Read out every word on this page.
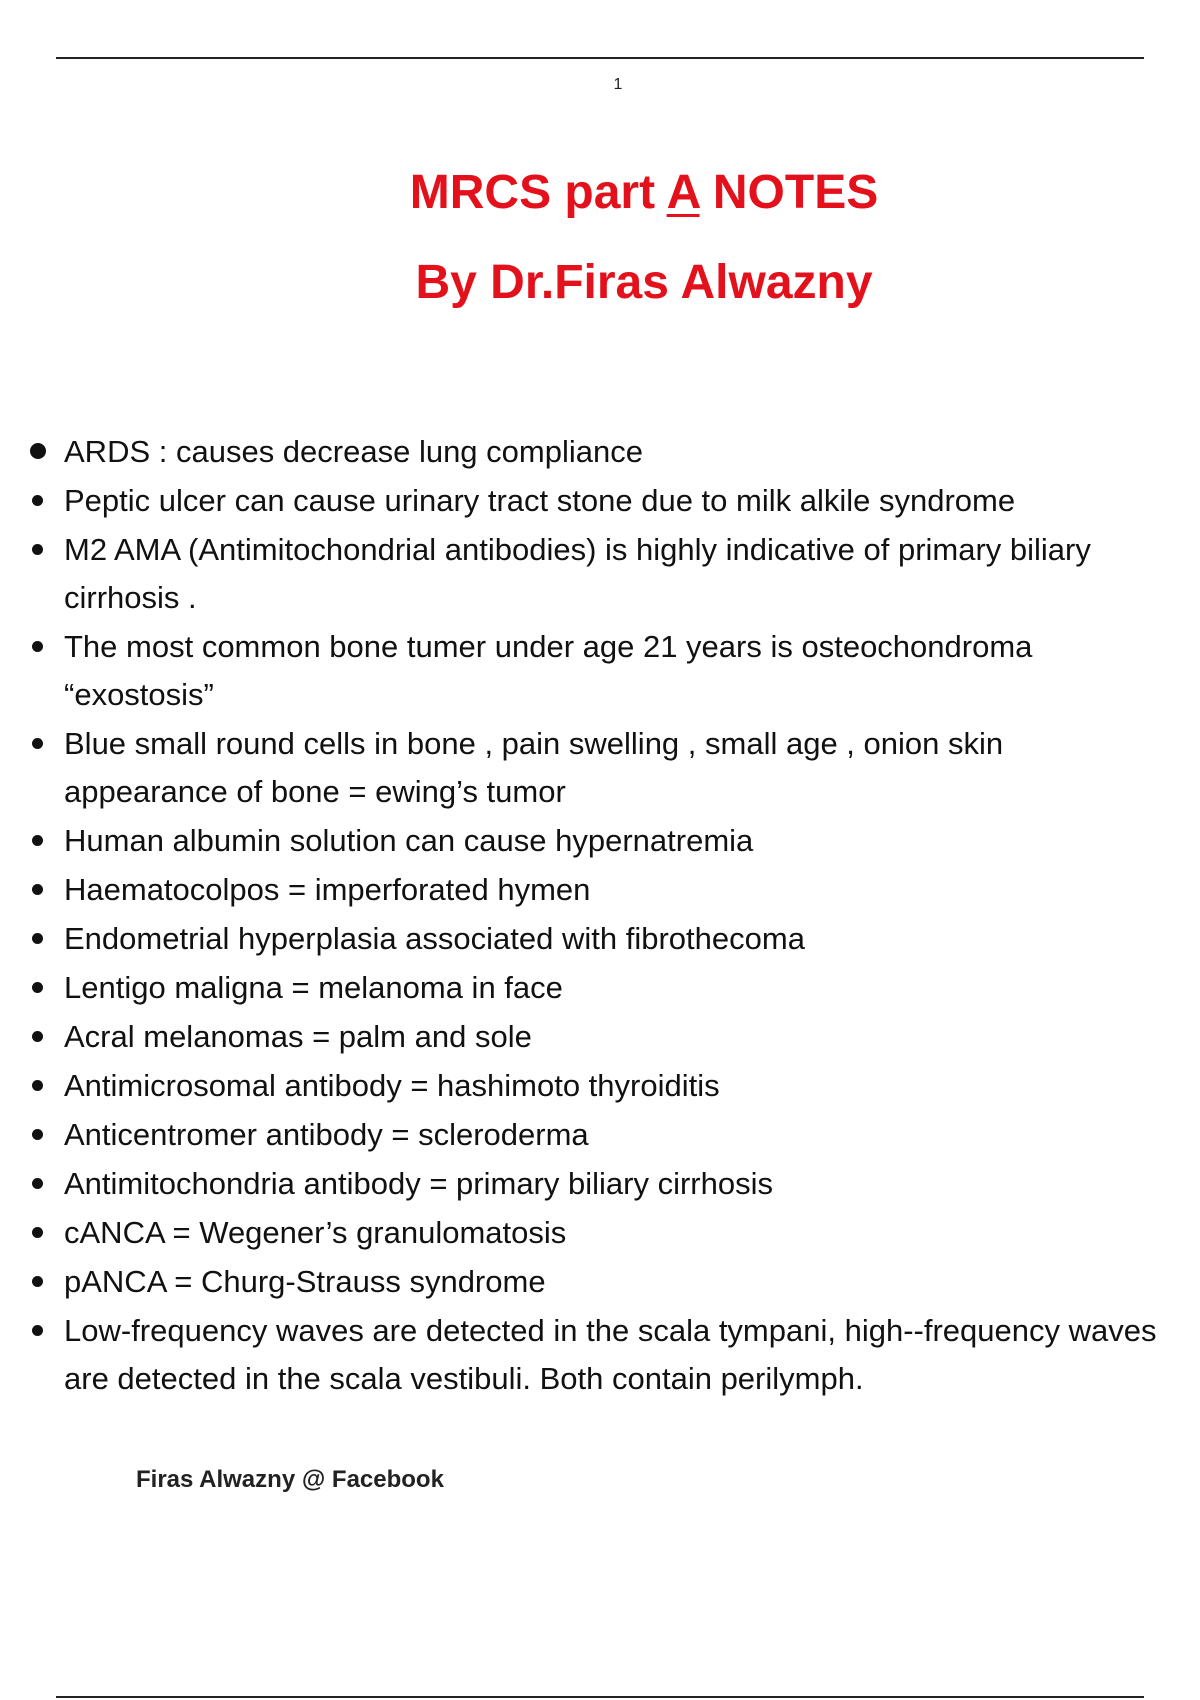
1
MRCS part A NOTES
By Dr.Firas Alwazny
ARDS : causes decrease lung compliance
Peptic ulcer can cause urinary tract stone due to milk alkile syndrome
M2 AMA (Antimitochondrial antibodies) is highly indicative of primary biliary cirrhosis .
The most common bone tumer under age 21 years is osteochondroma “exostosis”
Blue small round cells in bone , pain swelling , small age , onion skin appearance of bone = ewing’s tumor
Human albumin solution can cause hypernatremia
Haematocolpos = imperforated hymen
Endometrial hyperplasia associated with fibrothecoma
Lentigo maligna = melanoma in face
Acral melanomas = palm and sole
Antimicrosomal antibody = hashimoto thyroiditis
Anticentromer antibody = scleroderma
Antimitochondria antibody = primary biliary cirrhosis
cANCA = Wegener’s granulomatosis
pANCA = Churg-Strauss syndrome
Low-frequency waves are detected in the scala tympani, high--frequency waves are detected in the scala vestibuli. Both contain perilymph.
Firas Alwazny @ Facebook
